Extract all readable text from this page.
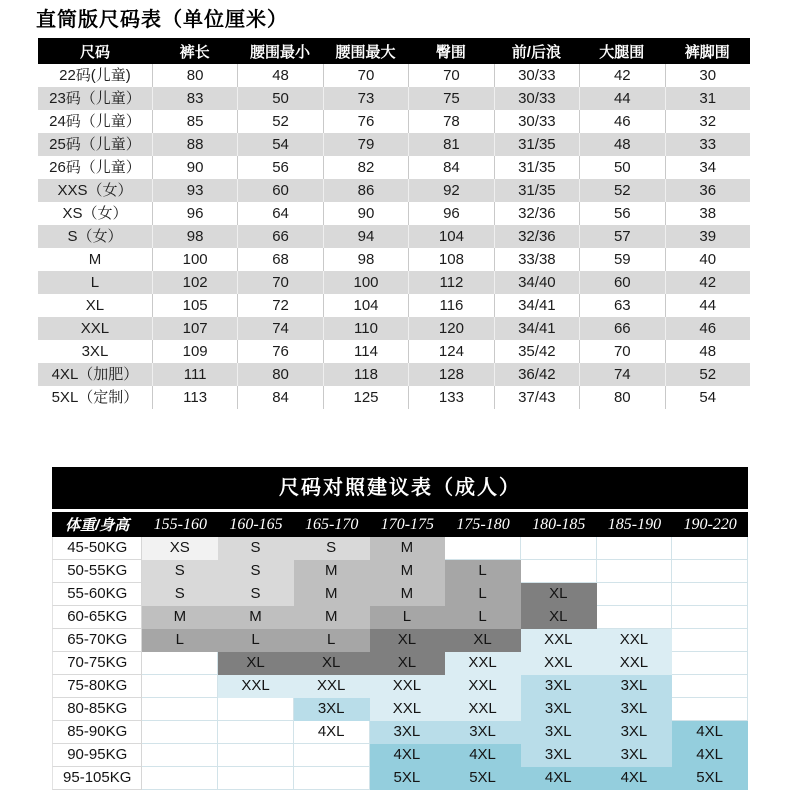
直筒版尺码表（单位厘米）
尺码	裤长	腰围最小	腰围最大	臀围	前/后浪	大腿围	裤脚围
22码(儿童)	80	48	70	70	30/33	42	30
23码（儿童）	83	50	73	75	30/33	44	31
24码（儿童）	85	52	76	78	30/33	46	32
25码（儿童）	88	54	79	81	31/35	48	33
26码（儿童）	90	56	82	84	31/35	50	34
XXS（女）	93	60	86	92	31/35	52	36
XS（女）	96	64	90	96	32/36	56	38
S（女）	98	66	94	104	32/36	57	39
M	100	68	98	108	33/38	59	40
L	102	70	100	112	34/40	60	42
XL	105	72	104	116	34/41	63	44
XXL	107	74	110	120	34/41	66	46
3XL	109	76	114	124	35/42	70	48
4XL（加肥）	111	80	118	128	36/42	74	52
5XL（定制）	113	84	125	133	37/43	80	54
尺码对照建议表（成人）
体重/身高	155-160	160-165	165-170	170-175	175-180	180-185	185-190	190-220
45-50KG	XS	S	S	M				
50-55KG	S	S	M	M	L			
55-60KG	S	S	M	M	L	XL		
60-65KG	M	M	M	L	L	XL		
65-70KG	L	L	L	XL	XL	XXL	XXL	
70-75KG		XL	XL	XL	XXL	XXL	XXL	
75-80KG		XXL	XXL	XXL	XXL	3XL	3XL	
80-85KG			3XL	XXL	XXL	3XL	3XL	
85-90KG			4XL	3XL	3XL	3XL	3XL	4XL
90-95KG				4XL	4XL	3XL	3XL	4XL
95-105KG				5XL	5XL	4XL	4XL	5XL
